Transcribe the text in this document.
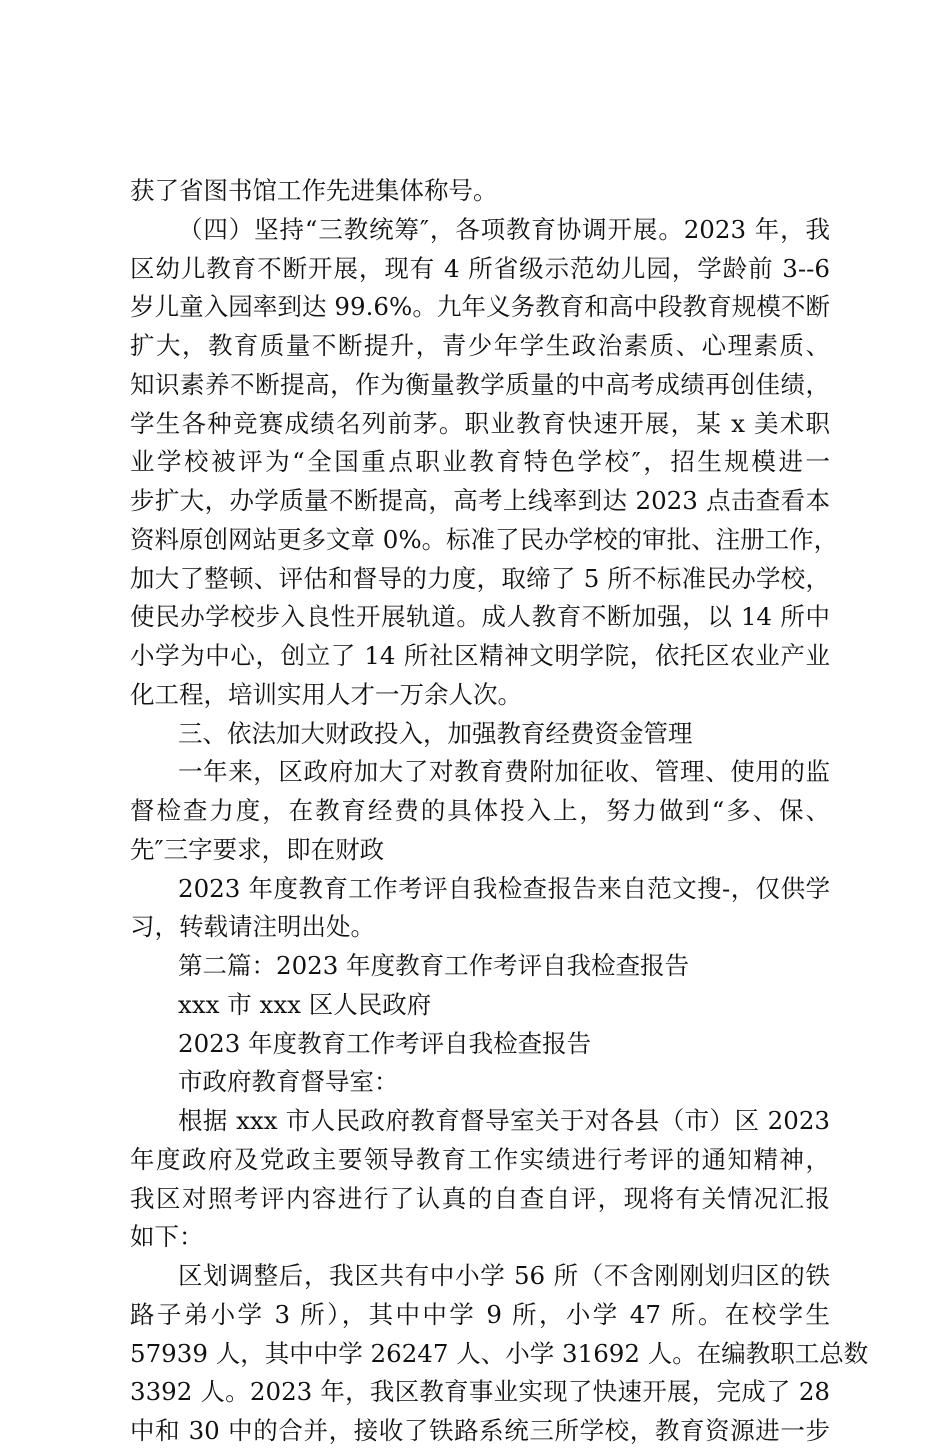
获了省图书馆工作先进集体称号。
（四）坚持“三教统筹″，各项教育协调开展。2023 年，我
区幼儿教育不断开展，现有 4 所省级示范幼儿园，学龄前 3--6
岁儿童入园率到达 99.6%。九年义务教育和高中段教育规模不断
扩大，教育质量不断提升，青少年学生政治素质、心理素质、
知识素养不断提高，作为衡量教学质量的中高考成绩再创佳绩，
学生各种竞赛成绩名列前茅。职业教育快速开展，某 x 美术职
业学校被评为“全国重点职业教育特色学校″，招生规模进一
步扩大，办学质量不断提高，高考上线率到达 2023 点击查看本
资料原创网站更多文章 0%。标准了民办学校的审批、注册工作，
加大了整顿、评估和督导的力度，取缔了 5 所不标准民办学校，
使民办学校步入良性开展轨道。成人教育不断加强，以 14 所中
小学为中心，创立了 14 所社区精神文明学院，依托区农业产业
化工程，培训实用人才一万余人次。
三、依法加大财政投入，加强教育经费资金管理
一年来，区政府加大了对教育费附加征收、管理、使用的监
督检查力度，在教育经费的具体投入上，努力做到“多、保、
先″三字要求，即在财政
2023 年度教育工作考评自我检查报告来自范文搜-，仅供学
习，转载请注明出处。
第二篇：2023 年度教育工作考评自我检查报告
xxx 市 xxx 区人民政府
2023 年度教育工作考评自我检查报告
市政府教育督导室：
根据 xxx 市人民政府教育督导室关于对各县（市）区 2023
年度政府及党政主要领导教育工作实绩进行考评的通知精神，
我区对照考评内容进行了认真的自查自评，现将有关情况汇报
如下：
区划调整后，我区共有中小学 56 所（不含刚刚划归区的铁
路子弟小学 3 所），其中中学 9 所，小学 47 所。在校学生
57939 人，其中中学 26247 人、小学 31692 人。在编教职工总数
3392 人。2023 年，我区教育事业实现了快速开展，完成了 28
中和 30 中的合并，接收了铁路系统三所学校，教育资源进一步
